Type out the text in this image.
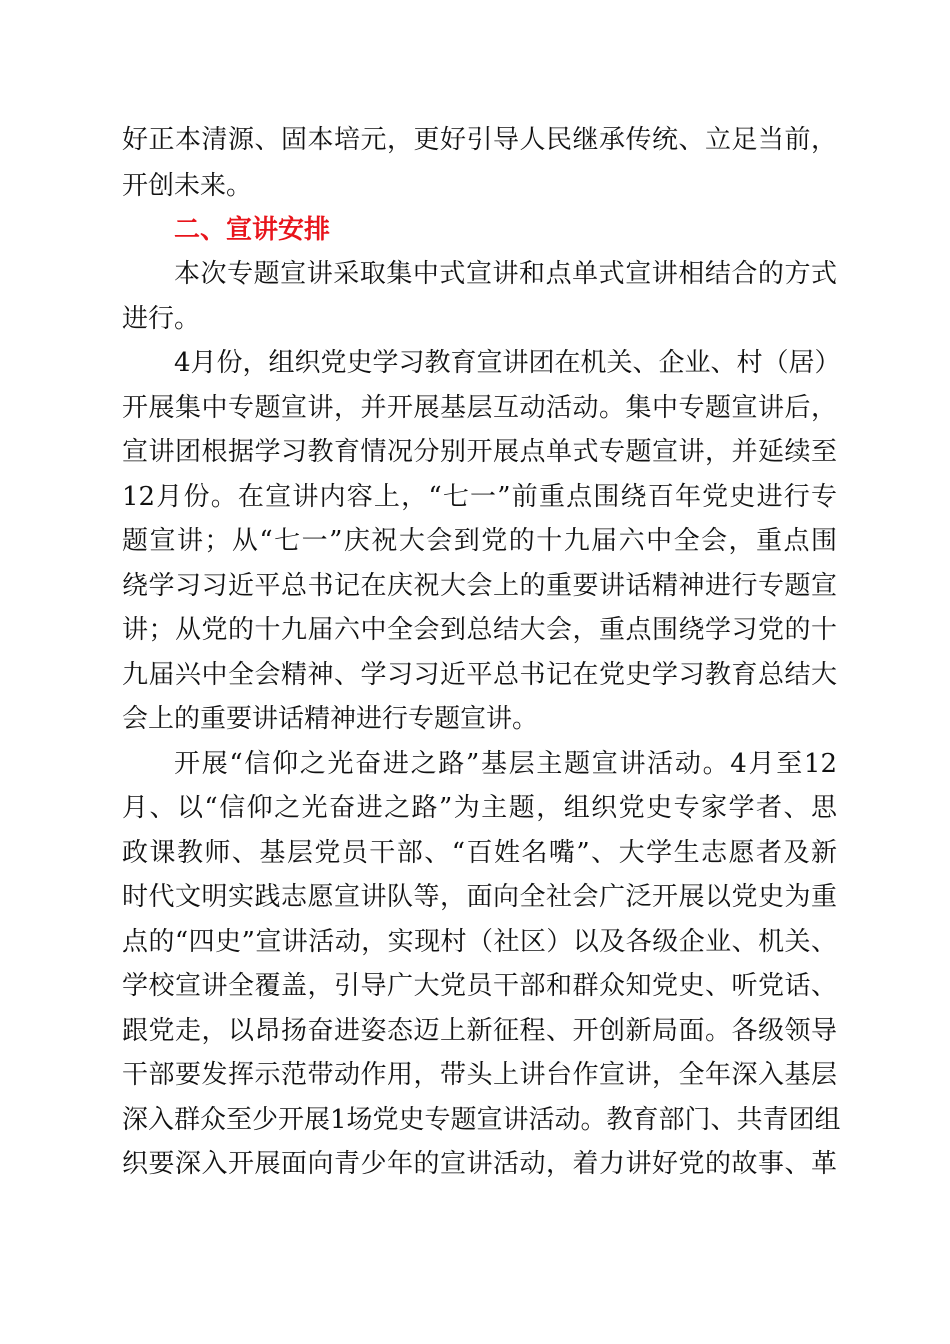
好正本清源、固本培元，更好引导人民继承传统、立足当前，
开创未来。
二、宣讲安排
本次专题宣讲采取集中式宣讲和点单式宣讲相结合的方式
进行。
4月份，组织党史学习教育宣讲团在机关、企业、村（居）
开展集中专题宣讲，并开展基层互动活动。集中专题宣讲后，
宣讲团根据学习教育情况分别开展点单式专题宣讲，并延续至
12月份。在宣讲内容上，“七一”前重点围绕百年党史进行专
题宣讲；从“七一”庆祝大会到党的十九届六中全会，重点围
绕学习习近平总书记在庆祝大会上的重要讲话精神进行专题宣
讲；从党的十九届六中全会到总结大会，重点围绕学习党的十
九届兴中全会精神、学习习近平总书记在党史学习教育总结大
会上的重要讲话精神进行专题宣讲。
开展“信仰之光奋进之路”基层主题宣讲活动。4月至12
月、以“信仰之光奋进之路”为主题，组织党史专家学者、思
政课教师、基层党员干部、“百姓名嘴”、大学生志愿者及新
时代文明实践志愿宣讲队等，面向全社会广泛开展以党史为重
点的“四史”宣讲活动，实现村（社区）以及各级企业、机关、
学校宣讲全覆盖，引导广大党员干部和群众知党史、听党话、
跟党走，以昂扬奋进姿态迈上新征程、开创新局面。各级领导
干部要发挥示范带动作用，带头上讲台作宣讲，全年深入基层
深入群众至少开展1场党史专题宣讲活动。教育部门、共青团组
织要深入开展面向青少年的宣讲活动，着力讲好党的故事、革
